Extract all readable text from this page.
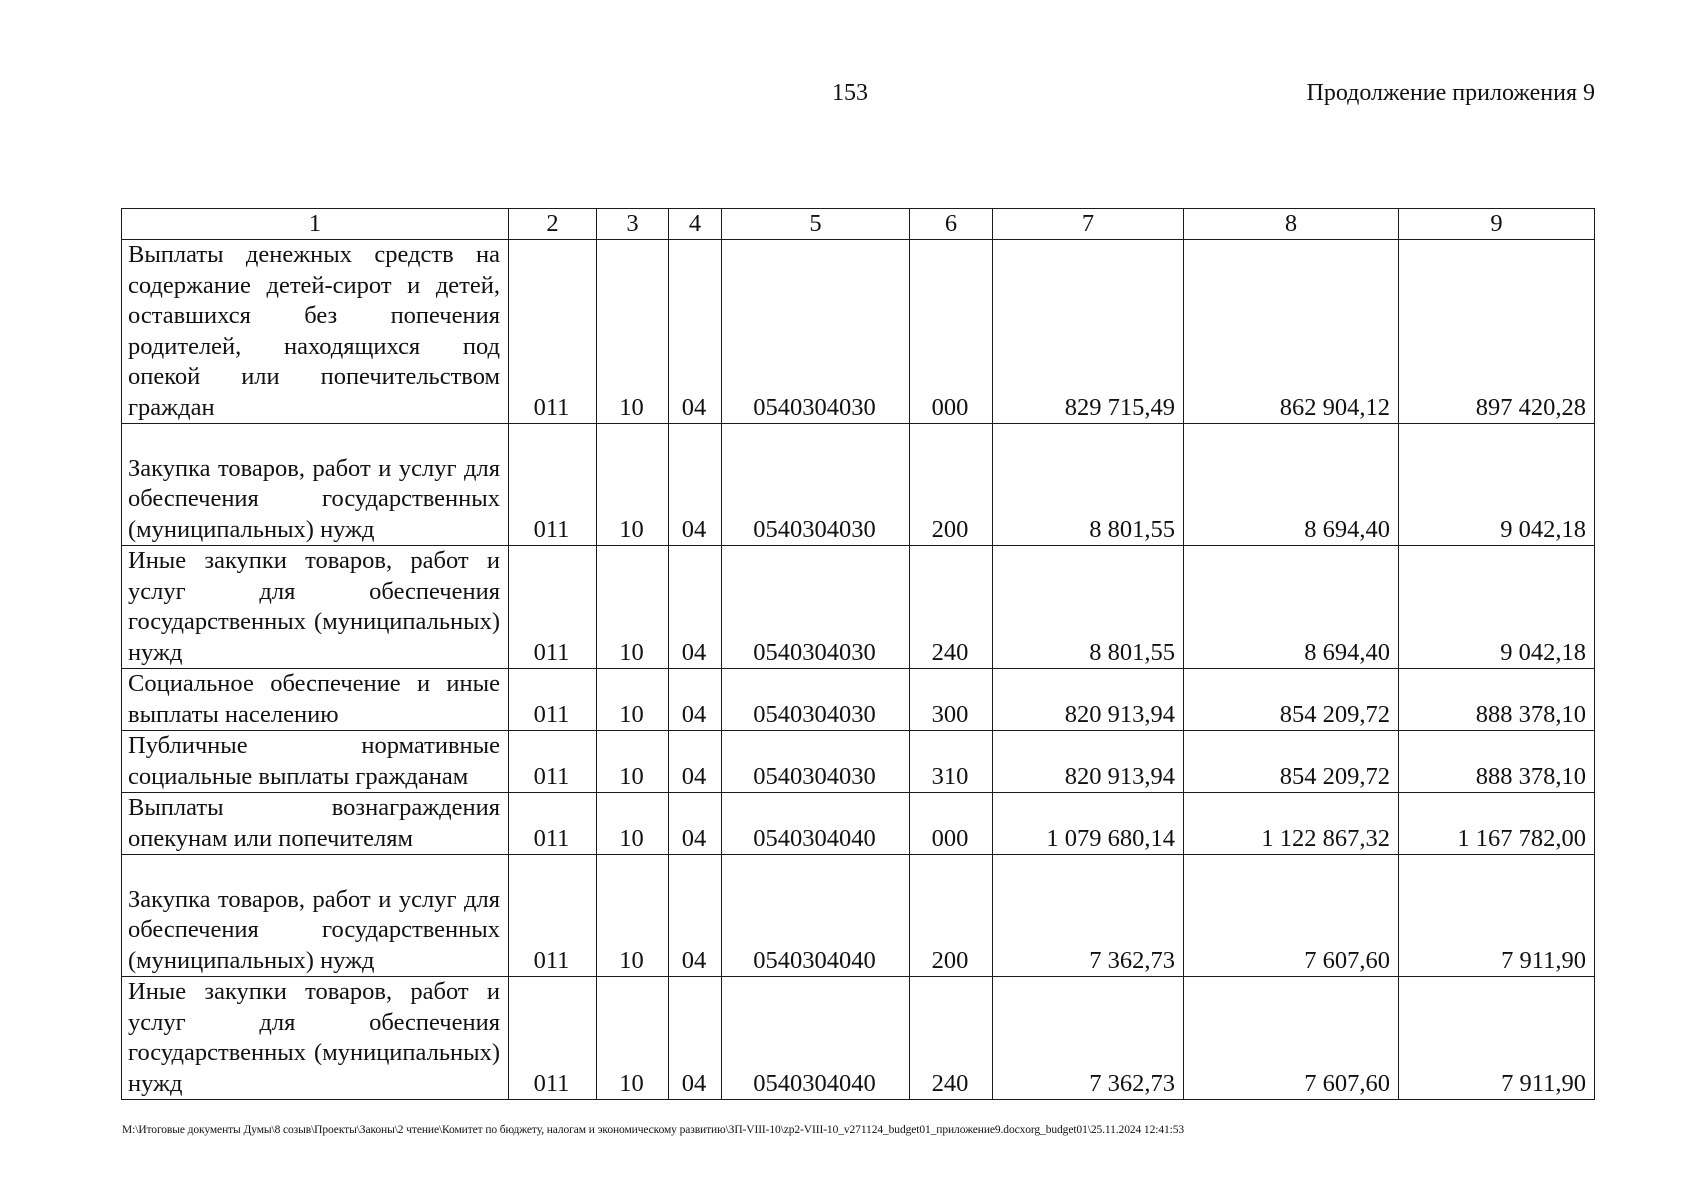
153	Продолжение приложения 9
1	2	3	4	5	6	7	8	9
Выплаты денежных средств на содержание детей-сирот и детей, оставшихся без попечения родителей, находящихся под опекой или попечительством граждан	011	10	04	0540304030	000	829 715,49	862 904,12	897 420,28
Закупка товаров, работ и услуг для обеспечения государственных (муниципальных) нужд	011	10	04	0540304030	200	8 801,55	8 694,40	9 042,18
Иные закупки товаров, работ и услуг для обеспечения государственных (муниципальных) нужд	011	10	04	0540304030	240	8 801,55	8 694,40	9 042,18
Социальное обеспечение и иные выплаты населению	011	10	04	0540304030	300	820 913,94	854 209,72	888 378,10
Публичные нормативные социальные выплаты гражданам	011	10	04	0540304030	310	820 913,94	854 209,72	888 378,10
Выплаты вознаграждения опекунам или попечителям	011	10	04	0540304040	000	1 079 680,14	1 122 867,32	1 167 782,00
Закупка товаров, работ и услуг для обеспечения государственных (муниципальных) нужд	011	10	04	0540304040	200	7 362,73	7 607,60	7 911,90
Иные закупки товаров, работ и услуг для обеспечения государственных (муниципальных) нужд	011	10	04	0540304040	240	7 362,73	7 607,60	7 911,90
M:\Итоговые документы Думы\8 созыв\Проекты\Законы\2 чтение\Комитет по бюджету, налогам и экономическому развитию\ЗП-VIII-10\zp2-VIII-10_v271124_budget01_приложение9.docxorg_budget01\25.11.2024 12:41:53
